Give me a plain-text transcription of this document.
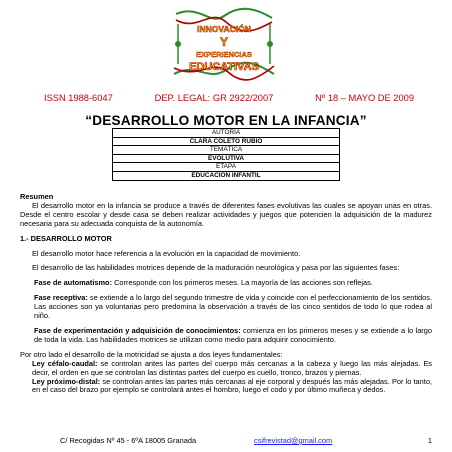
INNOVACIÓN
Y
EXPERIENCIAS
EDUCATIVAS
ISSN 1988-6047	DEP. LEGAL: GR 2922/2007	Nº 18 – MAYO DE 2009
“DESARROLLO MOTOR EN LA INFANCIA”
AUTORÍA
CLARA COLETO RUBIO
TEMÁTICA
EVOLUTIVA
ETAPA
EDUCACION INFANTIL

Resumen

El desarrollo motor en la infancia se produce a través de diferentes fases evolutivas las cuales se apoyan unas en otras. Desde el centro escolar y desde casa se deben realizar actividades y juegos que potencien la adquisición de la madurez necesaria para su adecuada conquista de la autonomía.

1.- DESARROLLO MOTOR

El desarrollo motor hace referencia a la evolución en la capacidad de movimiento.

El desarrollo de las habilidades motrices depende de la maduración neurológica y pasa por las siguientes fases:

Fase de automatismo: Corresponde con los primeros meses. La mayoría de las acciones son reflejas.

Fase receptiva: se extiende a lo largo del segundo trimestre de vida y coincide con el perfeccionamiento de los sentidos. Las acciones son ya voluntarias pero predomina la observación a través de los cinco sentidos de todo lo que rodea al niño.

Fase de experimentación y adquisición de conocimientos: comienza en los primeros meses y se extiende a lo largo de toda la vida. Las habilidades motrices se utilizan como medio para adquirir conocimiento.

Por otro lado el desarrollo de la motricidad se ajusta a dos leyes fundamentales:

Ley céfalo-caudal: se controlan antes las partes del cuerpo más cercanas a la cabeza y luego las más alejadas. Es decir, el orden en que se controlan las distintas partes del cuerpo es cuello, tronco, brazos y piernas.

Ley próximo-distal: se controlan antes las partes más cercanas al eje corporal y después las más alejadas. Por lo tanto, en el caso del brazo por ejemplo se controlará antes el hombro, luego el codo y por último muñeca y dedos.

C/ Recogidas Nº 45 - 6ºA 18005 Granada	csifrevistad@gmail.com	1
